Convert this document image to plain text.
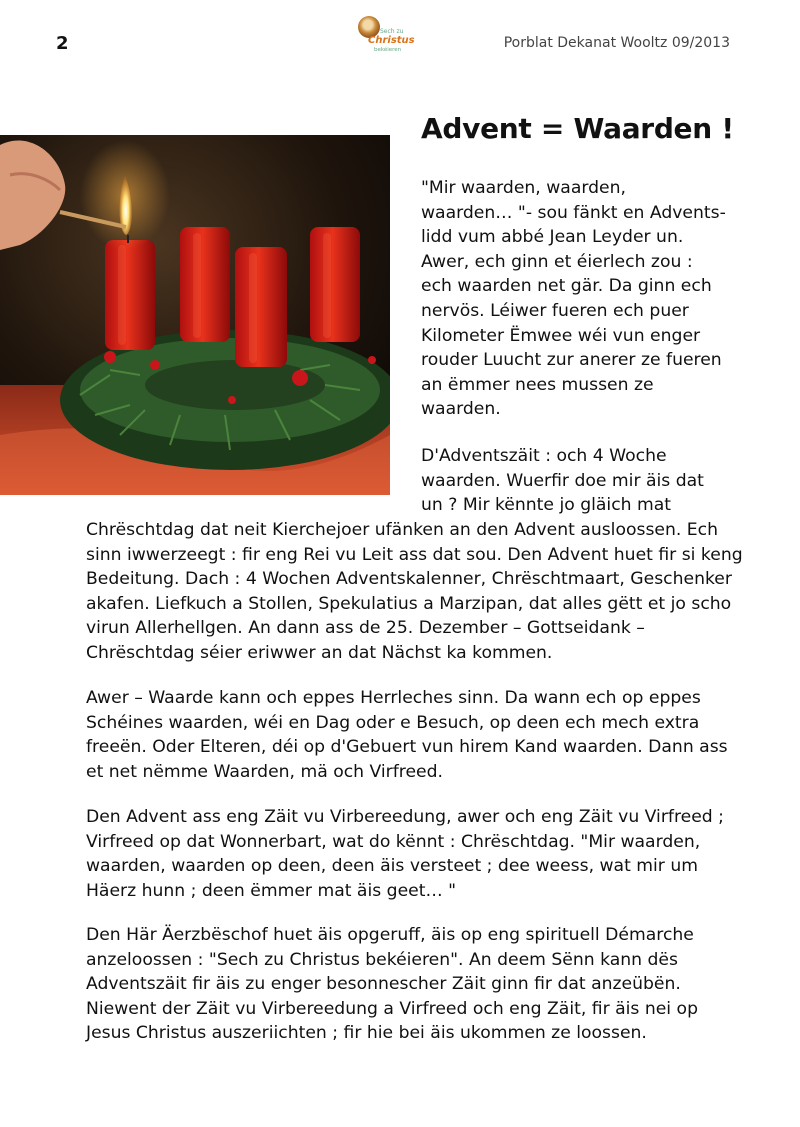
2
Sech zu
Christus
bekéieren	Porblat Dekanat Wooltz 09/2013
Advent = Waarden !
"Mir waarden, waarden,
waarden… "- sou fänkt en Advents-
lidd vum abbé Jean Leyder un.
Awer, ech ginn et éierlech zou :
ech waarden net gär. Da ginn ech
nervös. Léiwer fueren ech puer
Kilometer Ëmwee wéi vun enger
rouder Luucht zur anerer ze fueren
an ëmmer nees mussen ze
waarden.
D'Adventszäit : och 4 Woche
waarden. Wuerfir doe mir äis dat
un ? Mir kënnte jo gläich mat
Chrëschtdag dat neit Kierchejoer ufänken an den Advent ausloossen. Ech
sinn iwwerzeegt : fir eng Rei vu Leit ass dat sou. Den Advent huet fir si keng
Bedeitung. Dach : 4 Wochen Adventskalenner, Chrëschtmaart, Geschenker
akafen. Liefkuch a Stollen, Spekulatius a Marzipan, dat alles gëtt et jo scho
virun Allerhellgen. An dann ass de 25. Dezember – Gottseidank –
Chrëschtdag séier eriwwer an dat Nächst ka kommen.
Awer – Waarde kann och eppes Herrleches sinn. Da wann ech op eppes
Schéines waarden, wéi en Dag oder e Besuch, op deen ech mech extra
freeën. Oder Elteren, déi op d'Gebuert vun hirem Kand waarden. Dann ass
et net nëmme Waarden, mä och Virfreed.
Den Advent ass eng Zäit vu Virbereedung, awer och eng Zäit vu Virfreed ;
Virfreed op dat Wonnerbart, wat do kënnt : Chrëschtdag. "Mir waarden,
waarden, waarden op deen, deen äis versteet ; dee weess, wat mir um
Häerz hunn ; deen ëmmer mat äis geet… "
Den Här Äerzbëschof huet äis opgeruff, äis op eng spirituell Démarche
anzeloossen : "Sech zu Christus bekéieren". An deem Sënn kann dës
Adventszäit fir äis zu enger besonnescher Zäit ginn fir dat anzeübën.
Niewent der Zäit vu Virbereedung a Virfreed och eng Zäit, fir äis nei op
Jesus Christus auszeriichten ; fir hie bei äis ukommen ze loossen.
